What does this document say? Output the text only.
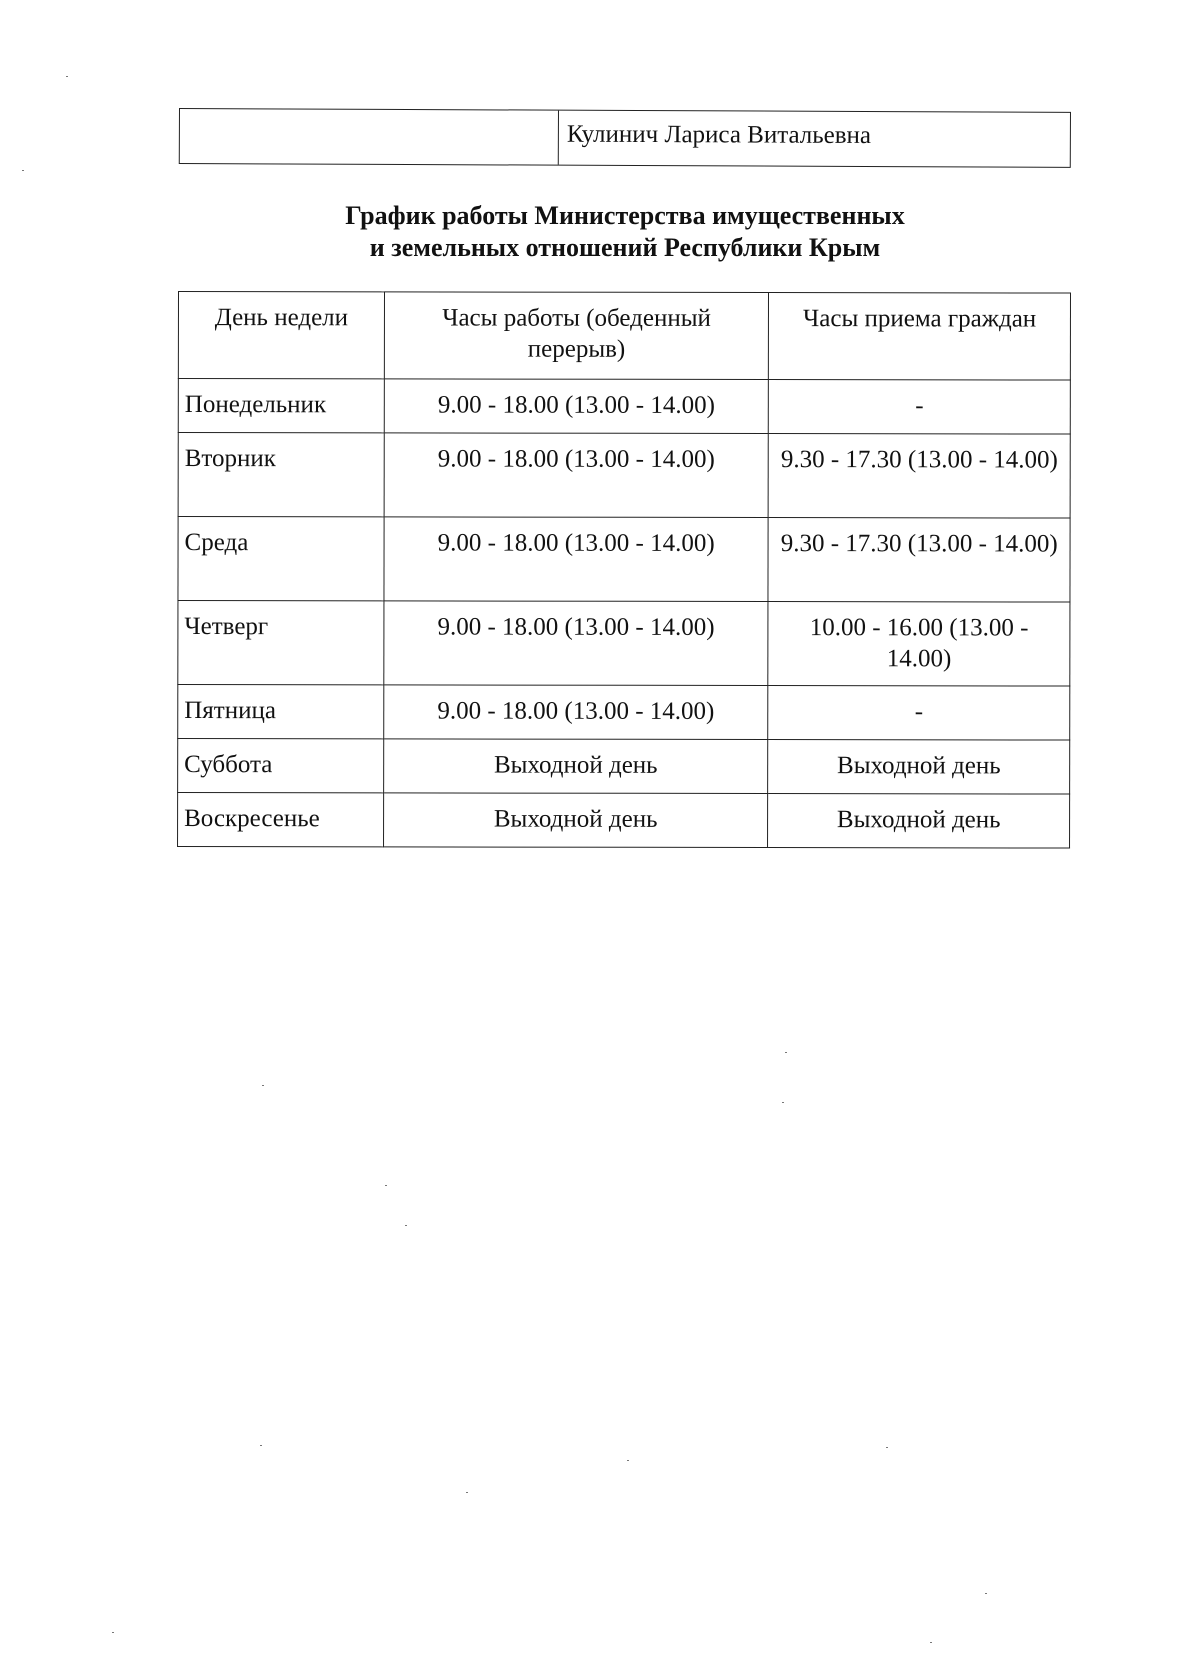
Кулинич Лариса Витальевна
График работы Министерства имущественных
и земельных отношений Республики Крым
День недели	Часы работы (обеденный перерыв)	Часы приема граждан
Понедельник	9.00 - 18.00 (13.00 - 14.00)	-
Вторник	9.00 - 18.00 (13.00 - 14.00)	9.30 - 17.30 (13.00 - 14.00)
Среда	9.00 - 18.00 (13.00 - 14.00)	9.30 - 17.30 (13.00 - 14.00)
Четверг	9.00 - 18.00 (13.00 - 14.00)	10.00 - 16.00 (13.00 - 14.00)
Пятница	9.00 - 18.00 (13.00 - 14.00)	-
Суббота	Выходной день	Выходной день
Воскресенье	Выходной день	Выходной день
